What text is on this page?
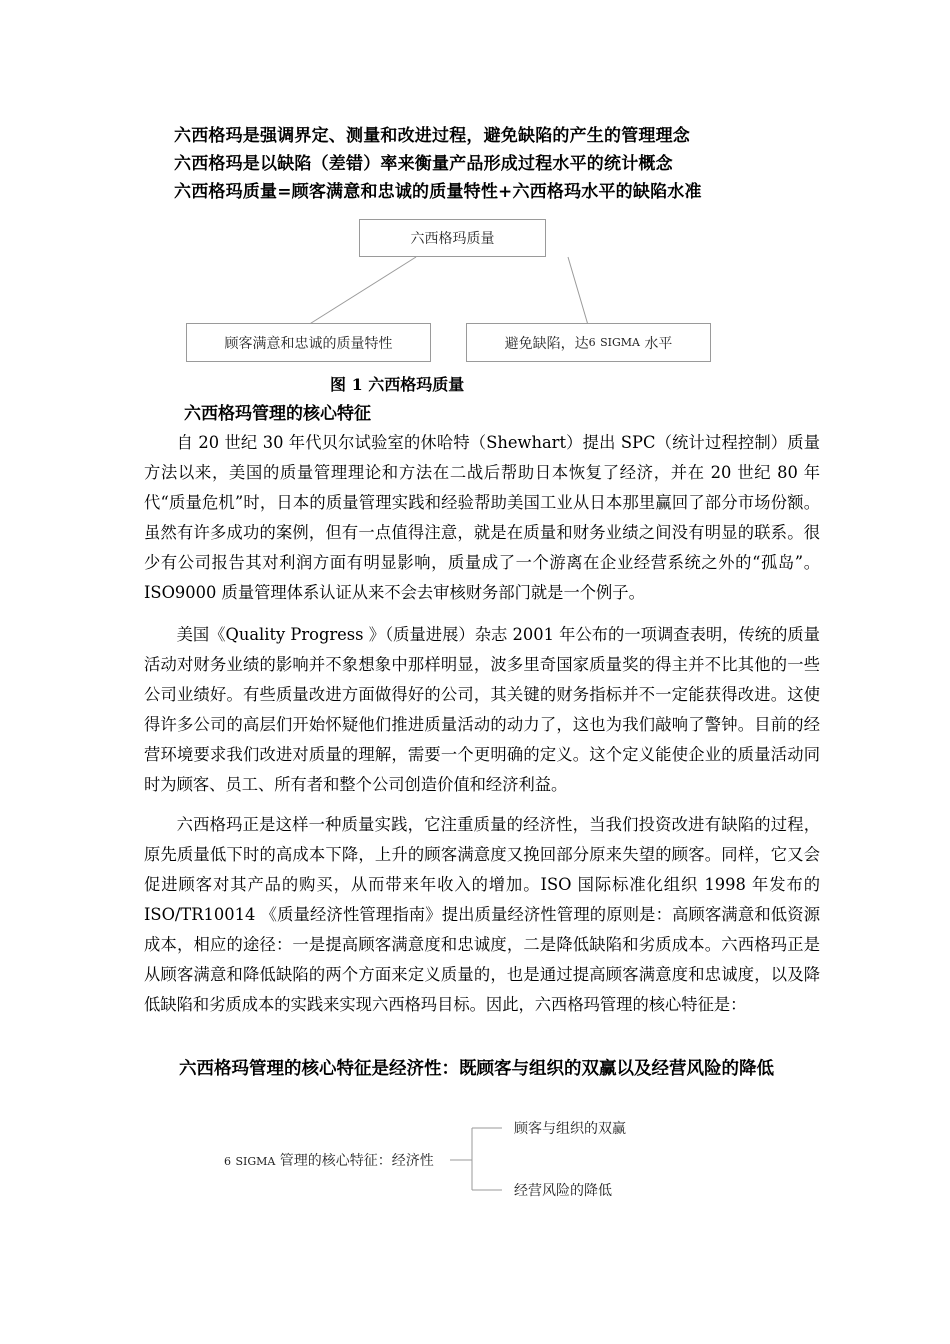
六西格玛是强调界定、测量和改进过程，避免缺陷的产生的管理理念
六西格玛是以缺陷（差错）率来衡量产品形成过程水平的统计概念
六西格玛质量=顾客满意和忠诚的质量特性+六西格玛水平的缺陷水准
六西格玛质量
顾客满意和忠诚的质量特性	避免缺陷，达 6
SIGMA
水平
图 1 六西格玛质量
六西格玛管理的核心特征

自 20 世纪 30 年代贝尔试验室的休哈特（Shewhart）提出 SPC（统计过程控制）质量方法以来，美国的质量管理理论和方法在二战后帮助日本恢复了经济，并在 20 世纪 80 年代“质量危机”时，日本的质量管理实践和经验帮助美国工业从日本那里赢回了部分市场份额。虽然有许多成功的案例，但有一点值得注意，就是在质量和财务业绩之间没有明显的联系。很少有公司报告其对利润方面有明显影响，质量成了一个游离在企业经营系统之外的“孤岛”。ISO9000 质量管理体系认证从来不会去审核财务部门就是一个例子。

美国《Quality Progress 》（质量进展）杂志 2001 年公布的一项调查表明，传统的质量活动对财务业绩的影响并不象想象中那样明显，波多里奇国家质量奖的得主并不比其他的一些公司业绩好。有些质量改进方面做得好的公司，其关键的财务指标并不一定能获得改进。这使得许多公司的高层们开始怀疑他们推进质量活动的动力了，这也为我们敲响了警钟。目前的经营环境要求我们改进对质量的理解，需要一个更明确的定义。这个定义能使企业的质量活动同时为顾客、员工、所有者和整个公司创造价值和经济利益。

六西格玛正是这样一种质量实践，它注重质量的经济性，当我们投资改进有缺陷的过程，原先质量低下时的高成本下降，上升的顾客满意度又挽回部分原来失望的顾客。同样，它又会促进顾客对其产品的购买，从而带来年收入的增加。ISO 国际标准化组织 1998 年发布的 ISO/TR10014 《质量经济性管理指南》提出质量经济性管理的原则是：高顾客满意和低资源成本，相应的途径：一是提高顾客满意度和忠诚度，二是降低缺陷和劣质成本。六西格玛正是从顾客满意和降低缺陷的两个方面来定义质量的，也是通过提高顾客满意度和忠诚度，以及降低缺陷和劣质成本的实践来实现六西格玛目标。因此，六西格玛管理的核心特征是：

六西格玛管理的核心特征是经济性：既顾客与组织的双赢以及经营风险的降低

6 SIGMA 管理的核心特征：经济性
顾客与组织的双赢
经营风险的降低
